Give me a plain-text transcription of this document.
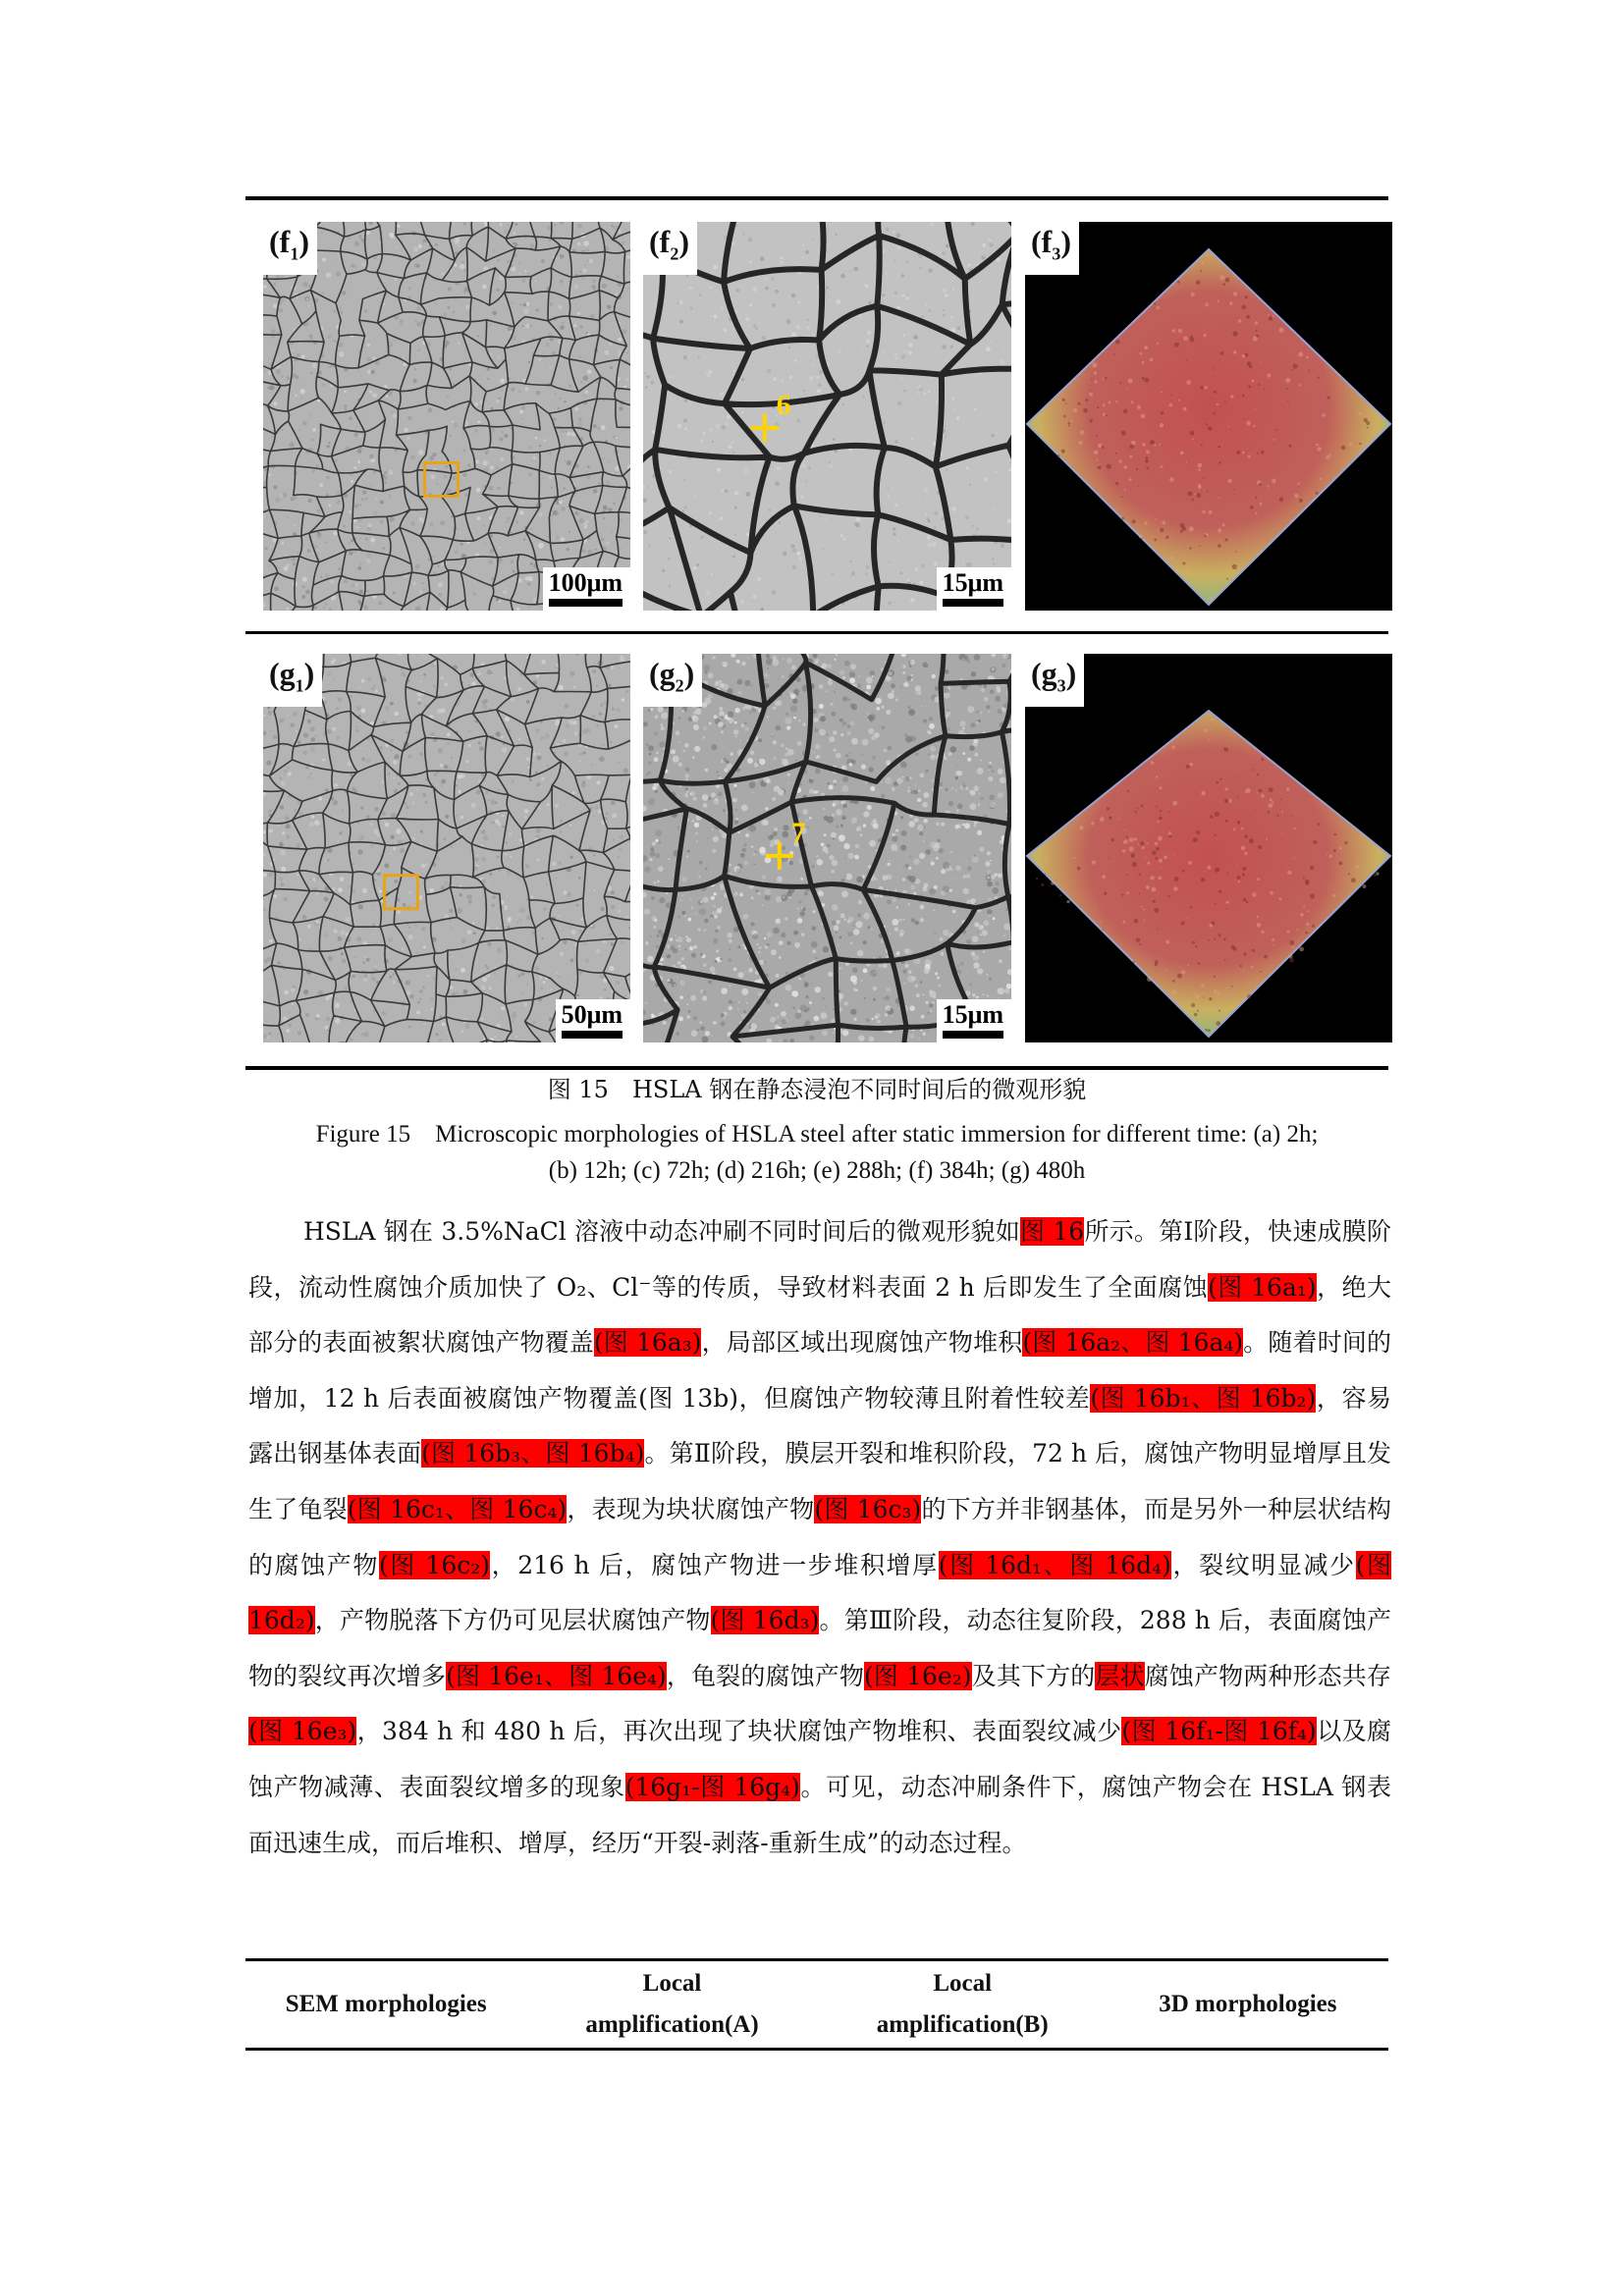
$(f_1)$
100μm
$(f_2)$
15μm
6
$(f_3)$
$(g_1)$
50μm
$(g_2)$
15μm
7
$(g_3)$
图 15　HSLA 钢在静态浸泡不同时间后的微观形貌
Figure 15　Microscopic morphologies of HSLA steel after static immersion for different time: (a) 2h;
(b) 12h; (c) 72h; (d) 216h; (e) 288h; (f) 384h; (g) 480h

HSLA 钢在 3.5%NaCl 溶液中动态冲刷不同时间后的微观形貌如图 16所示。第Ⅰ阶段，快速成膜阶段，流动性腐蚀介质加快了 O₂、Cl⁻等的传质，导致材料表面 2 h 后即发生了全面腐蚀(图 16a₁)，绝大部分的表面被絮状腐蚀产物覆盖(图 16a₃)，局部区域出现腐蚀产物堆积(图 16a₂、图 16a₄)。随着时间的增加，12 h 后表面被腐蚀产物覆盖(图 13b)，但腐蚀产物较薄且附着性较差(图 16b₁、图 16b₂)，容易露出钢基体表面(图 16b₃、图 16b₄)。第Ⅱ阶段，膜层开裂和堆积阶段，72 h 后，腐蚀产物明显增厚且发生了龟裂(图 16c₁、图 16c₄)，表现为块状腐蚀产物(图 16c₃)的下方并非钢基体，而是另外一种层状结构的腐蚀产物(图 16c₂)，216 h 后，腐蚀产物进一步堆积增厚(图 16d₁、图 16d₄)，裂纹明显减少(图 16d₂)，产物脱落下方仍可见层状腐蚀产物(图 16d₃)。第Ⅲ阶段，动态往复阶段，288 h 后，表面腐蚀产物的裂纹再次增多(图 16e₁、图 16e₄)，龟裂的腐蚀产物(图 16e₂)及其下方的层状腐蚀产物两种形态共存(图 16e₃)，384 h 和 480 h 后，再次出现了块状腐蚀产物堆积、表面裂纹减少(图 16f₁-图 16f₄)以及腐蚀产物减薄、表面裂纹增多的现象(16g₁-图 16g₄)。可见，动态冲刷条件下，腐蚀产物会在 HSLA 钢表面迅速生成，而后堆积、增厚，经历“开裂-剥落-重新生成”的动态过程。

SEM morphologies	Local amplification(A)	Local amplification(B)	3D morphologies
